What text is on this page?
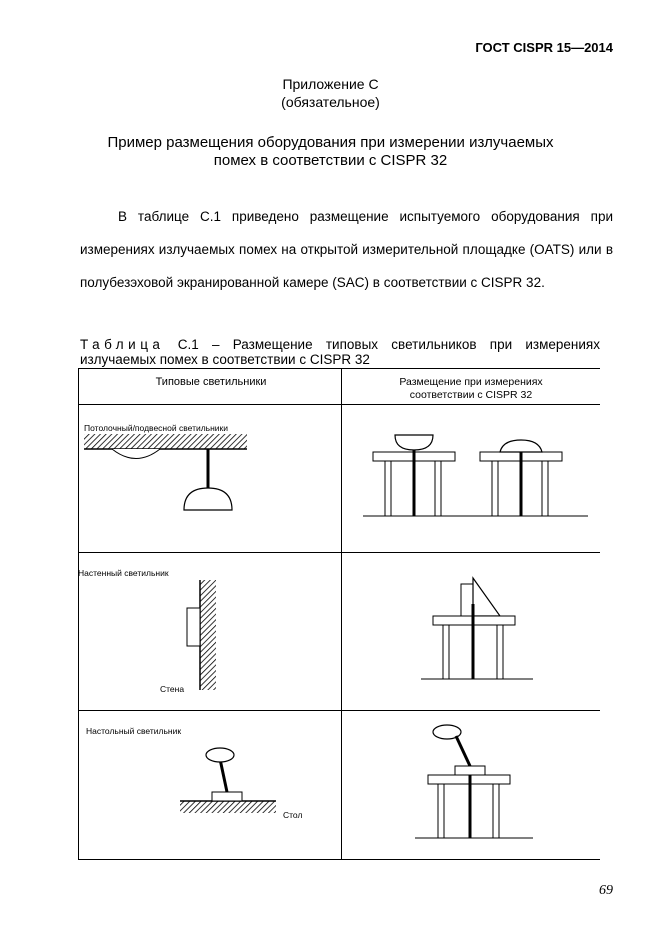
ГОСТ CISPR 15—2014
Приложение С
(обязательное)
Пример размещения оборудования при измерении излучаемых
помех в соответствии с CISPR 32
В таблице С.1 приведено размещение испытуемого оборудования при измерениях излучаемых помех на открытой измерительной площадке (OATS) или в полубезэховой экранированной камере (SAC) в соответствии с CISPR 32.
Таблица С.1 – Размещение типовых светильников при измерениях излучаемых помех в соответствии с CISPR 32
Типовые светильники	Размещение при измерениях
соответствии с CISPR 32
Потолочный/подвесной светильники
Настенный светильник
Стена
Настольный светильник
Стол
69
